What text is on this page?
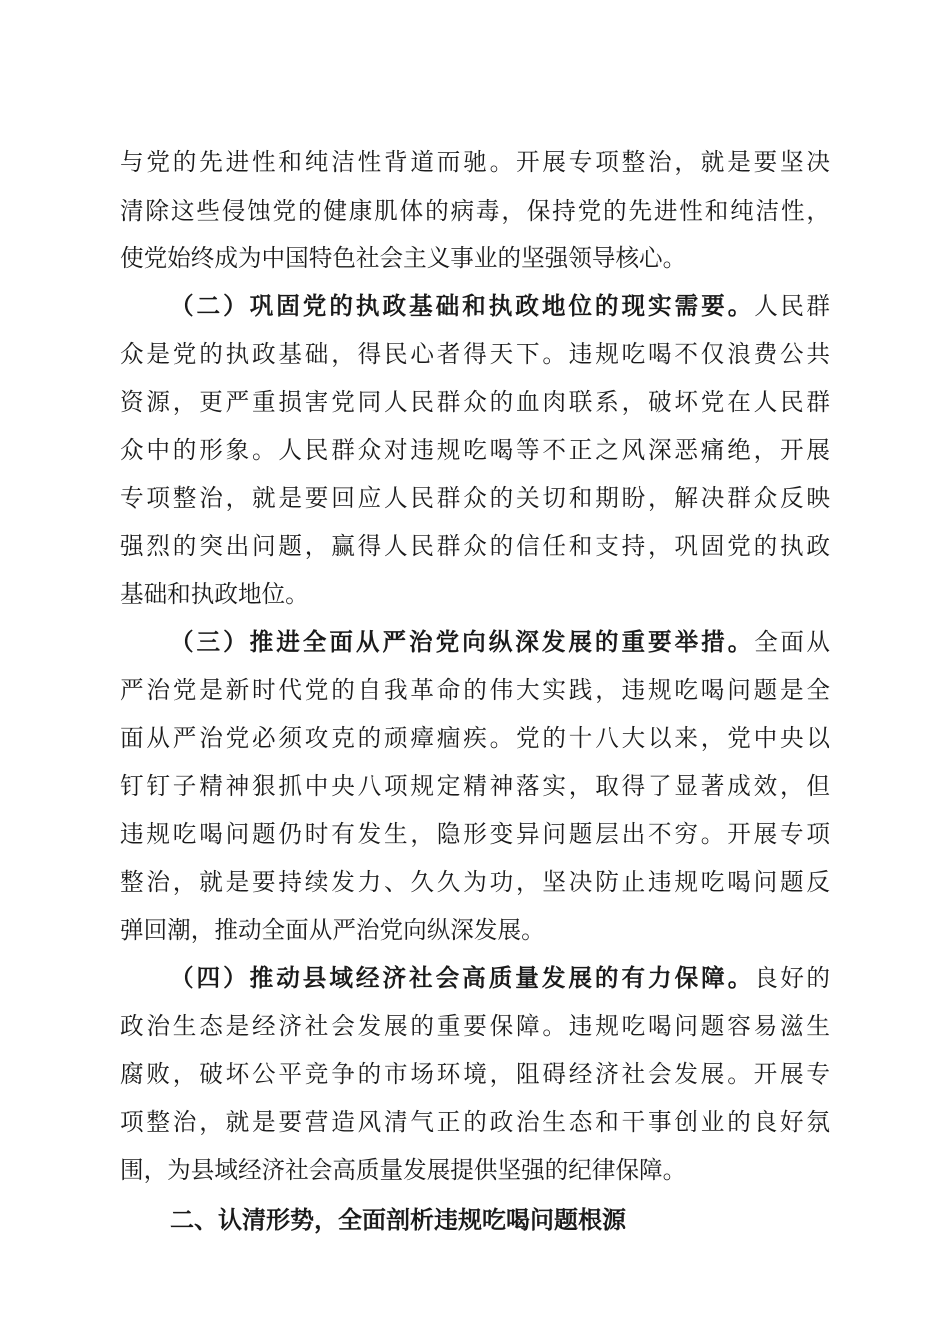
与党的先进性和纯洁性背道而驰。开展专项整治，就是要坚决
清除这些侵蚀党的健康肌体的病毒，保持党的先进性和纯洁性，
使党始终成为中国特色社会主义事业的坚强领导核心。
（二）巩固党的执政基础和执政地位的现实需要。人民群
众是党的执政基础，得民心者得天下。违规吃喝不仅浪费公共
资源，更严重损害党同人民群众的血肉联系，破坏党在人民群
众中的形象。人民群众对违规吃喝等不正之风深恶痛绝，开展
专项整治，就是要回应人民群众的关切和期盼，解决群众反映
强烈的突出问题，赢得人民群众的信任和支持，巩固党的执政
基础和执政地位。
（三）推进全面从严治党向纵深发展的重要举措。全面从
严治党是新时代党的自我革命的伟大实践，违规吃喝问题是全
面从严治党必须攻克的顽瘴痼疾。党的十八大以来，党中央以
钉钉子精神狠抓中央八项规定精神落实，取得了显著成效，但
违规吃喝问题仍时有发生，隐形变异问题层出不穷。开展专项
整治，就是要持续发力、久久为功，坚决防止违规吃喝问题反
弹回潮，推动全面从严治党向纵深发展。
（四）推动县域经济社会高质量发展的有力保障。良好的
政治生态是经济社会发展的重要保障。违规吃喝问题容易滋生
腐败，破坏公平竞争的市场环境，阻碍经济社会发展。开展专
项整治，就是要营造风清气正的政治生态和干事创业的良好氛
围，为县域经济社会高质量发展提供坚强的纪律保障。
二、认清形势，全面剖析违规吃喝问题根源
